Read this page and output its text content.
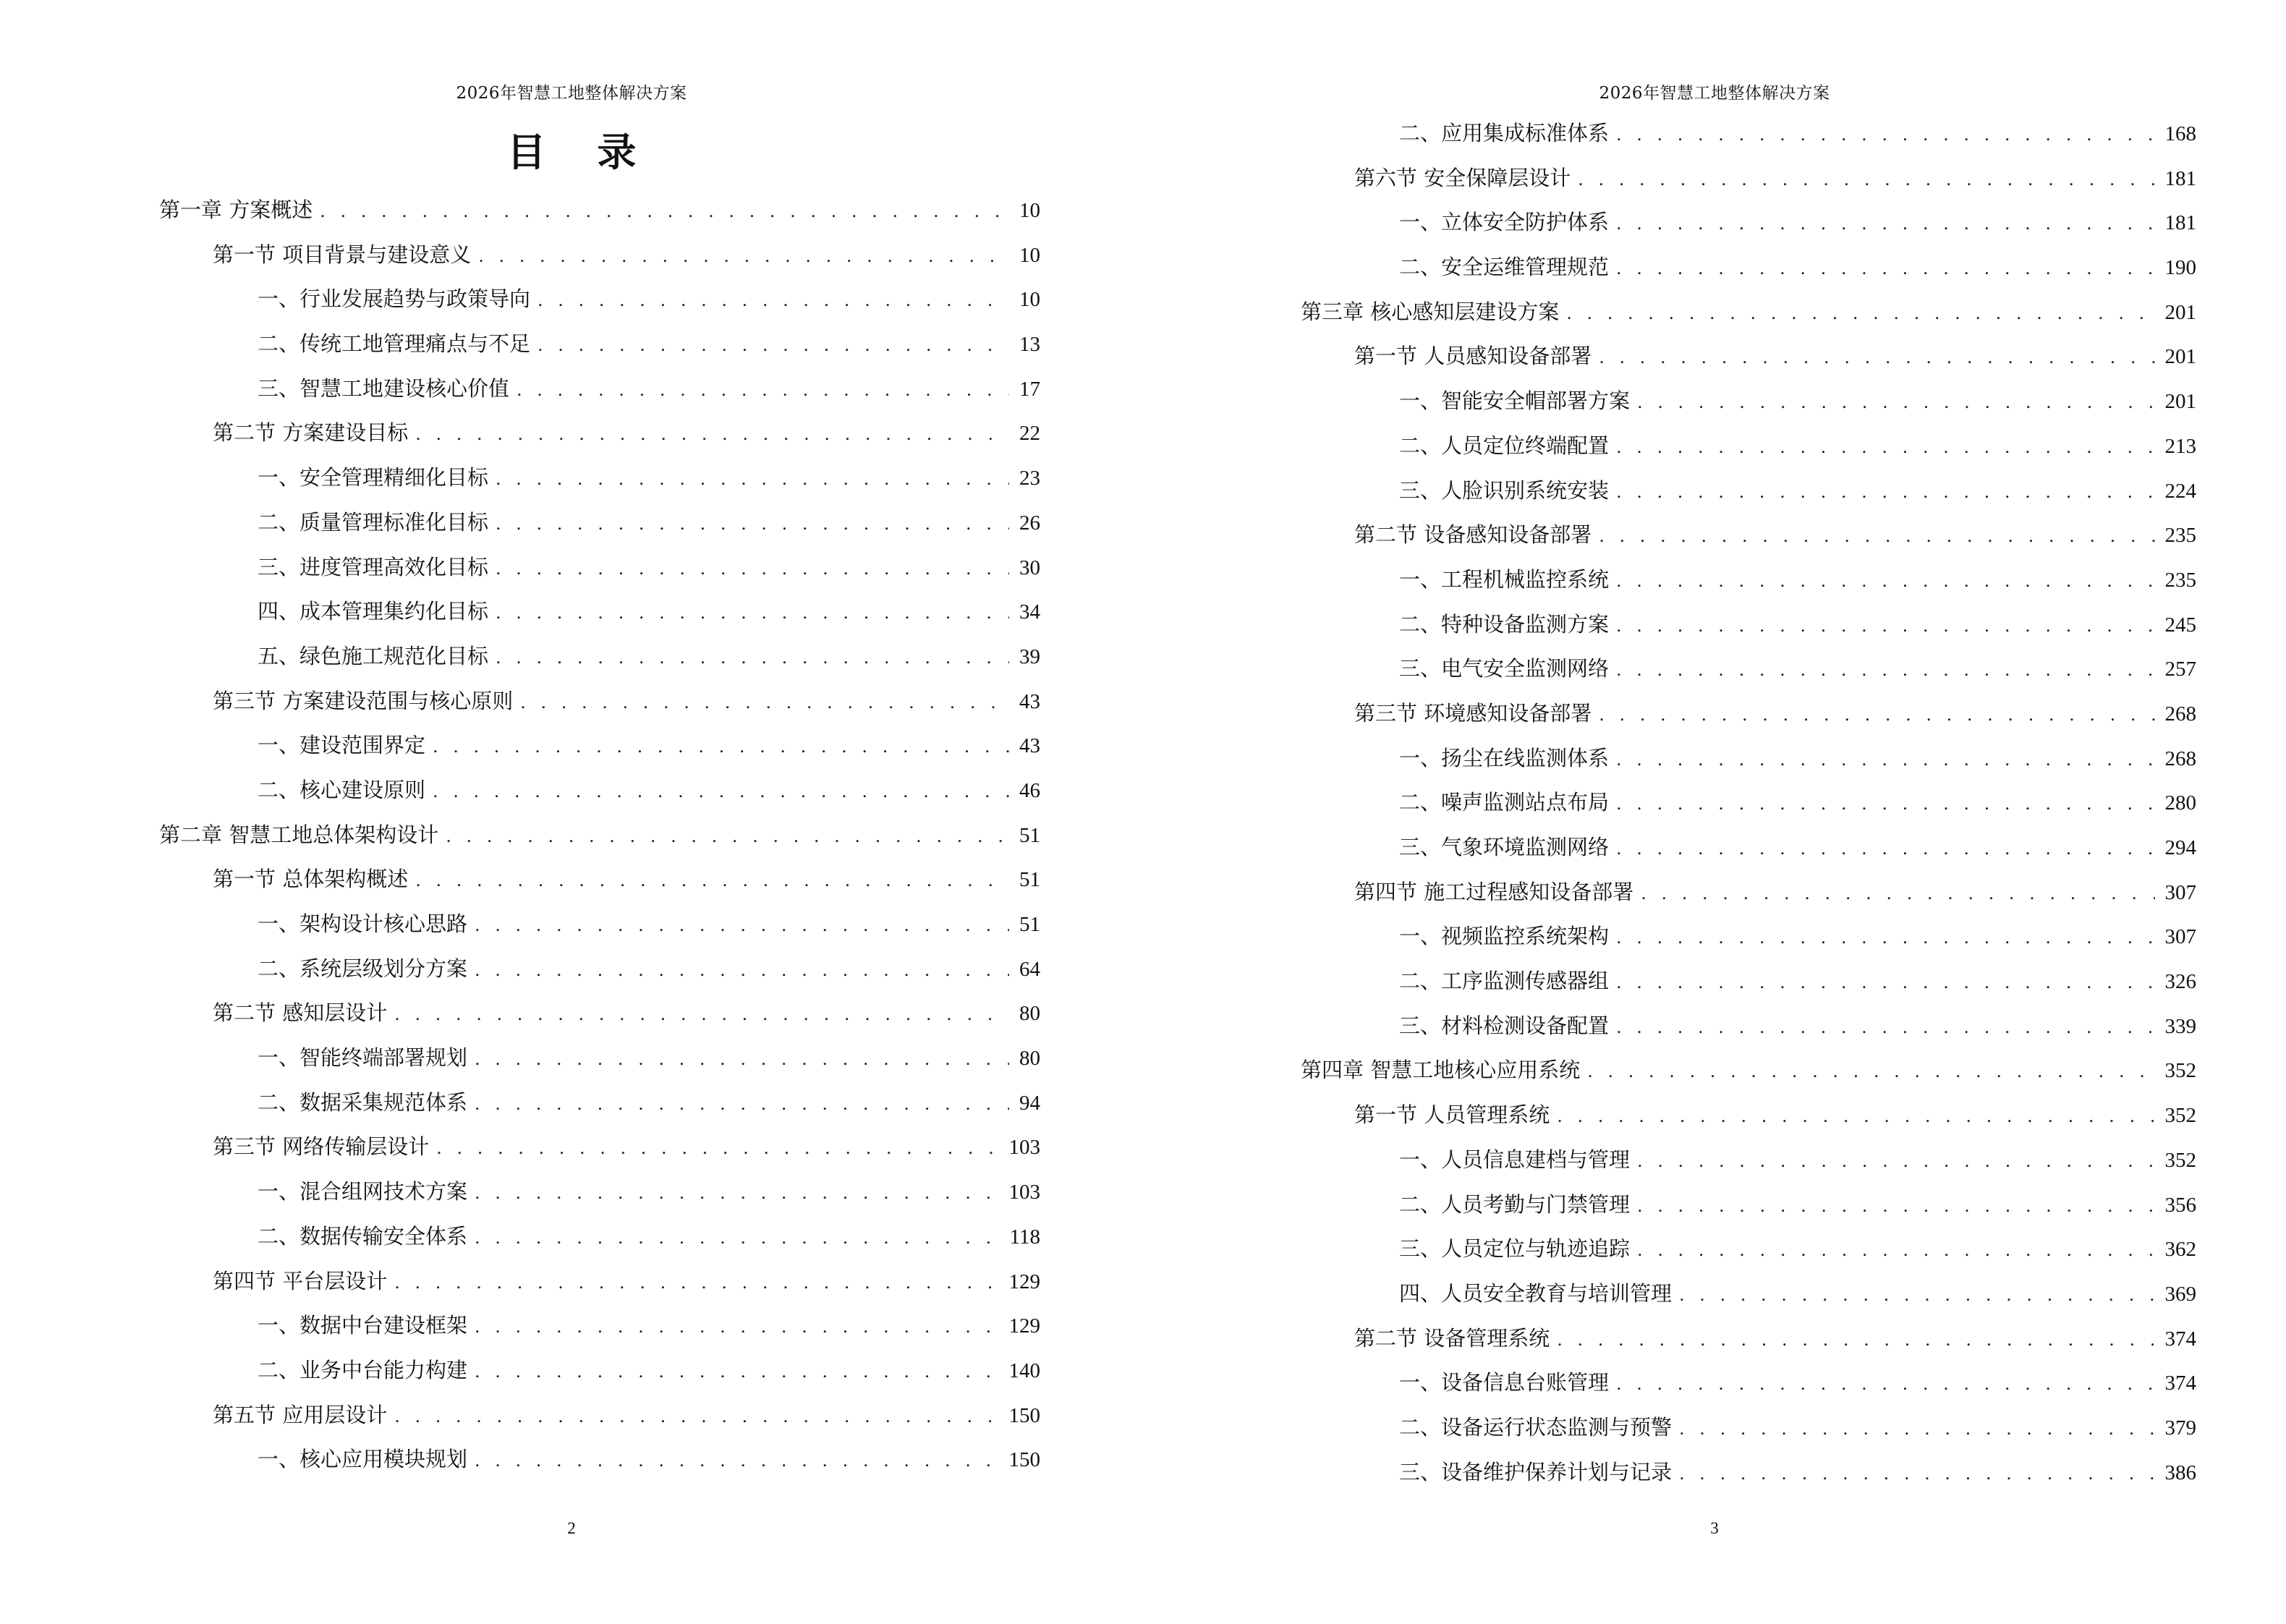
2026年智慧工地整体解决方案
目 录
第一章 方案概述 . . .	10
第一节 项目背景与建设意义 . . .	10
一、行业发展趋势与政策导向 . . .	10
二、传统工地管理痛点与不足 . . .	13
三、智慧工地建设核心价值 . . .	17
第二节 方案建设目标 . . .	22
一、安全管理精细化目标 . . .	23
二、质量管理标准化目标 . . .	26
三、进度管理高效化目标 . . .	30
四、成本管理集约化目标 . . .	34
五、绿色施工规范化目标 . . .	39
第三节 方案建设范围与核心原则 . . .	43
一、建设范围界定 . . .	43
二、核心建设原则 . . .	46
第二章 智慧工地总体架构设计 . . .	51
第一节 总体架构概述 . . .	51
一、架构设计核心思路 . . .	51
二、系统层级划分方案 . . .	64
第二节 感知层设计 . . .	80
一、智能终端部署规划 . . .	80
二、数据采集规范体系 . . .	94
第三节 网络传输层设计 . . .	103
一、混合组网技术方案 . . .	103
二、数据传输安全体系 . . .	118
第四节 平台层设计 . . .	129
一、数据中台建设框架 . . .	129
二、业务中台能力构建 . . .	140
第五节 应用层设计 . . .	150
一、核心应用模块规划 . . .	150
2
2026年智慧工地整体解决方案
二、应用集成标准体系 . . .	168
第六节 安全保障层设计 . . .	181
一、立体安全防护体系 . . .	181
二、安全运维管理规范 . . .	190
第三章 核心感知层建设方案 . . .	201
第一节 人员感知设备部署 . . .	201
一、智能安全帽部署方案 . . .	201
二、人员定位终端配置 . . .	213
三、人脸识别系统安装 . . .	224
第二节 设备感知设备部署 . . .	235
一、工程机械监控系统 . . .	235
二、特种设备监测方案 . . .	245
三、电气安全监测网络 . . .	257
第三节 环境感知设备部署 . . .	268
一、扬尘在线监测体系 . . .	268
二、噪声监测站点布局 . . .	280
三、气象环境监测网络 . . .	294
第四节 施工过程感知设备部署 . . .	307
一、视频监控系统架构 . . .	307
二、工序监测传感器组 . . .	326
三、材料检测设备配置 . . .	339
第四章 智慧工地核心应用系统 . . .	352
第一节 人员管理系统 . . .	352
一、人员信息建档与管理 . . .	352
二、人员考勤与门禁管理 . . .	356
三、人员定位与轨迹追踪 . . .	362
四、人员安全教育与培训管理 . . .	369
第二节 设备管理系统 . . .	374
一、设备信息台账管理 . . .	374
二、设备运行状态监测与预警 . . .	379
三、设备维护保养计划与记录 . . .	386
3
